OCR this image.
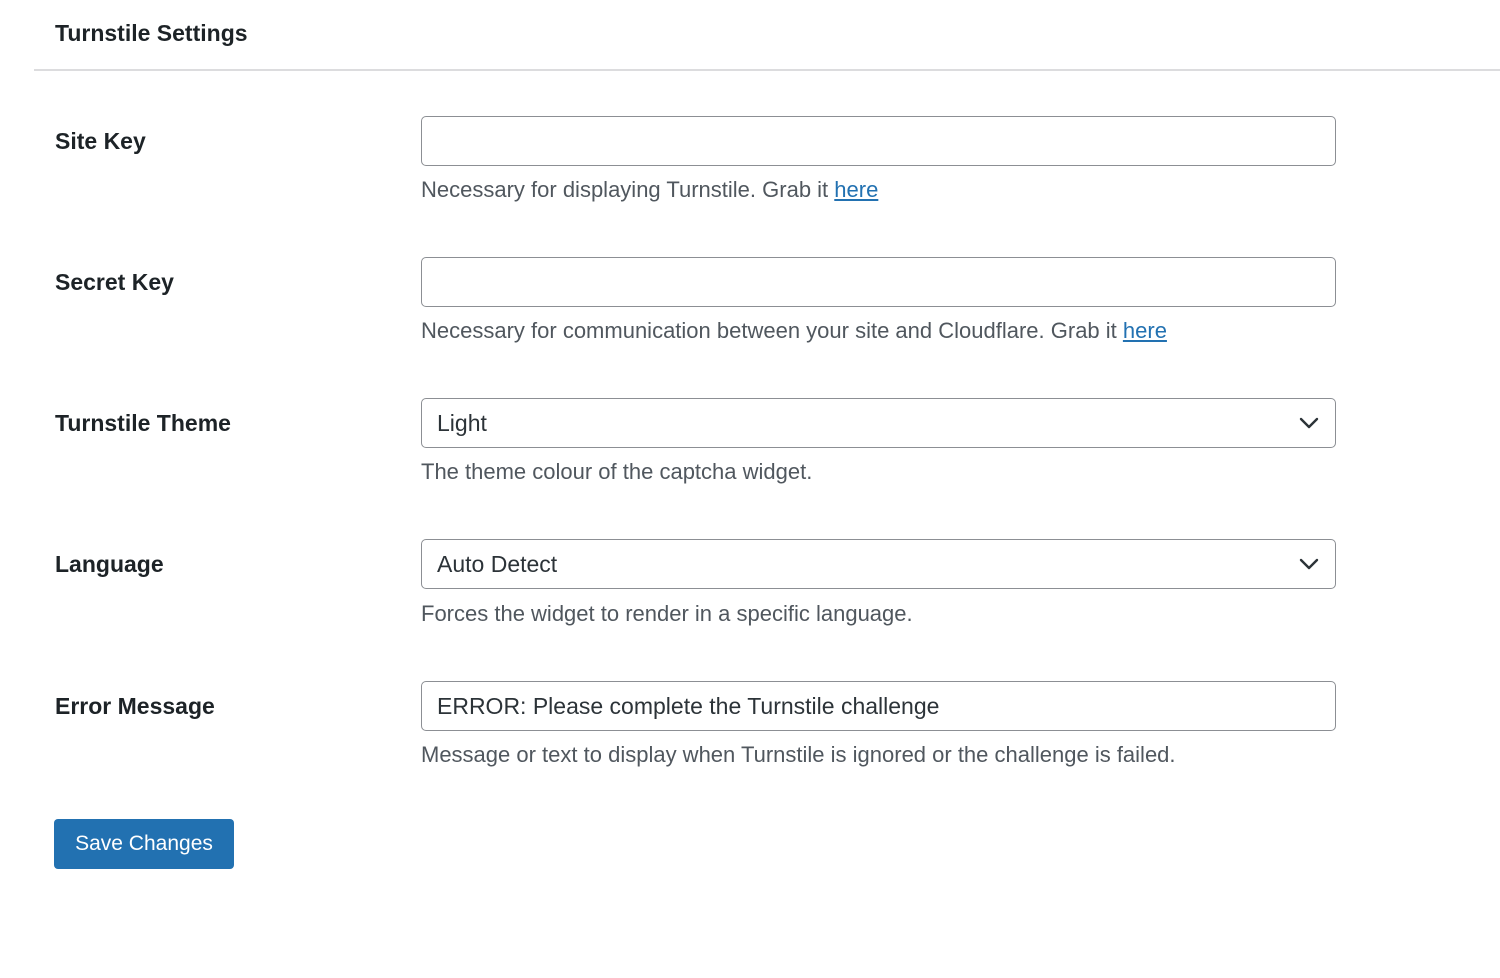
Turnstile Settings
Site Key

Necessary for displaying Turnstile. Grab it here

Secret Key

Necessary for communication between your site and Cloudflare. Grab it here

Turnstile Theme	Light

The theme colour of the captcha widget.

Language	Auto Detect

Forces the widget to render in a specific language.

Error Message
ERROR: Please complete the Turnstile challenge

Message or text to display when Turnstile is ignored or the challenge is failed.

Save Changes
